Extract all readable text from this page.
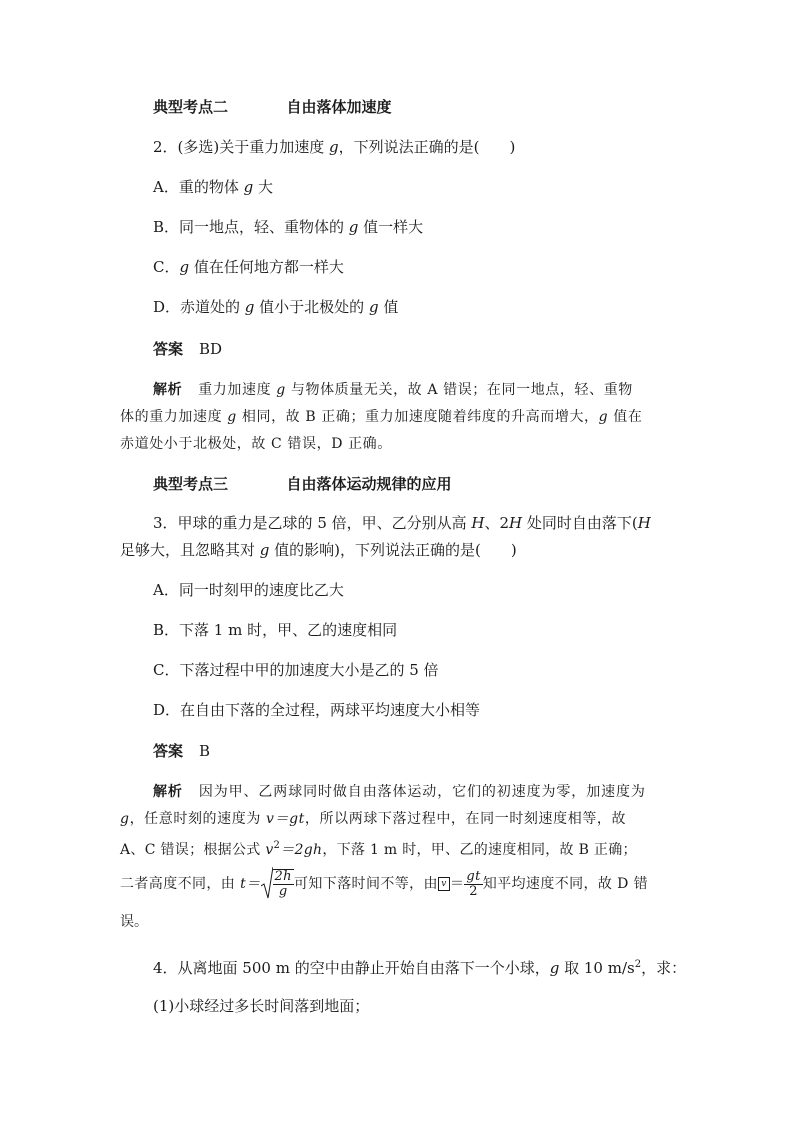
典型考点二	自由落体加速度
2．(多选)关于重力加速度 g，下列说法正确的是(　　)
A．重的物体 g 大
B．同一地点，轻、重物体的 g 值一样大
C．g 值在任何地方都一样大
D．赤道处的 g 值小于北极处的 g 值
答案 BD
解析 重力加速度 g 与物体质量无关，故 A 错误；在同一地点，轻、重物
体的重力加速度 g 相同，故 B 正确；重力加速度随着纬度的升高而增大，g 值在
赤道处小于北极处，故 C 错误，D 正确。
典型考点三	自由落体运动规律的应用
3．甲球的重力是乙球的 5 倍，甲、乙分别从高 H、2H 处同时自由落下(H
足够大，且忽略其对 g 值的影响)，下列说法正确的是(　　)
A．同一时刻甲的速度比乙大
B．下落 1 m 时，甲、乙的速度相同
C．下落过程中甲的加速度大小是乙的 5 倍
D．在自由下落的全过程，两球平均速度大小相等
答案 B
解析 因为甲、乙两球同时做自由落体运动，它们的初速度为零，加速度为
g，任意时刻的速度为 v＝gt，所以两球下落过程中，在同一时刻速度相等，故
A、C 错误；根据公式 $v^2=2gh$，下落 1 m 时，甲、乙的速度相同，故 B 正确；
二者高度不同，由 $t= \frac{2h}{g}$ 可知下落时间不等，由 $v = \frac{gt}{2}$ 知平均速度不同，故 D 错
误。
4．从离地面 500 m 的空中由静止开始自由落下一个小球，g 取 10 $m/s^2$，求：
(1)小球经过多长时间落到地面；
